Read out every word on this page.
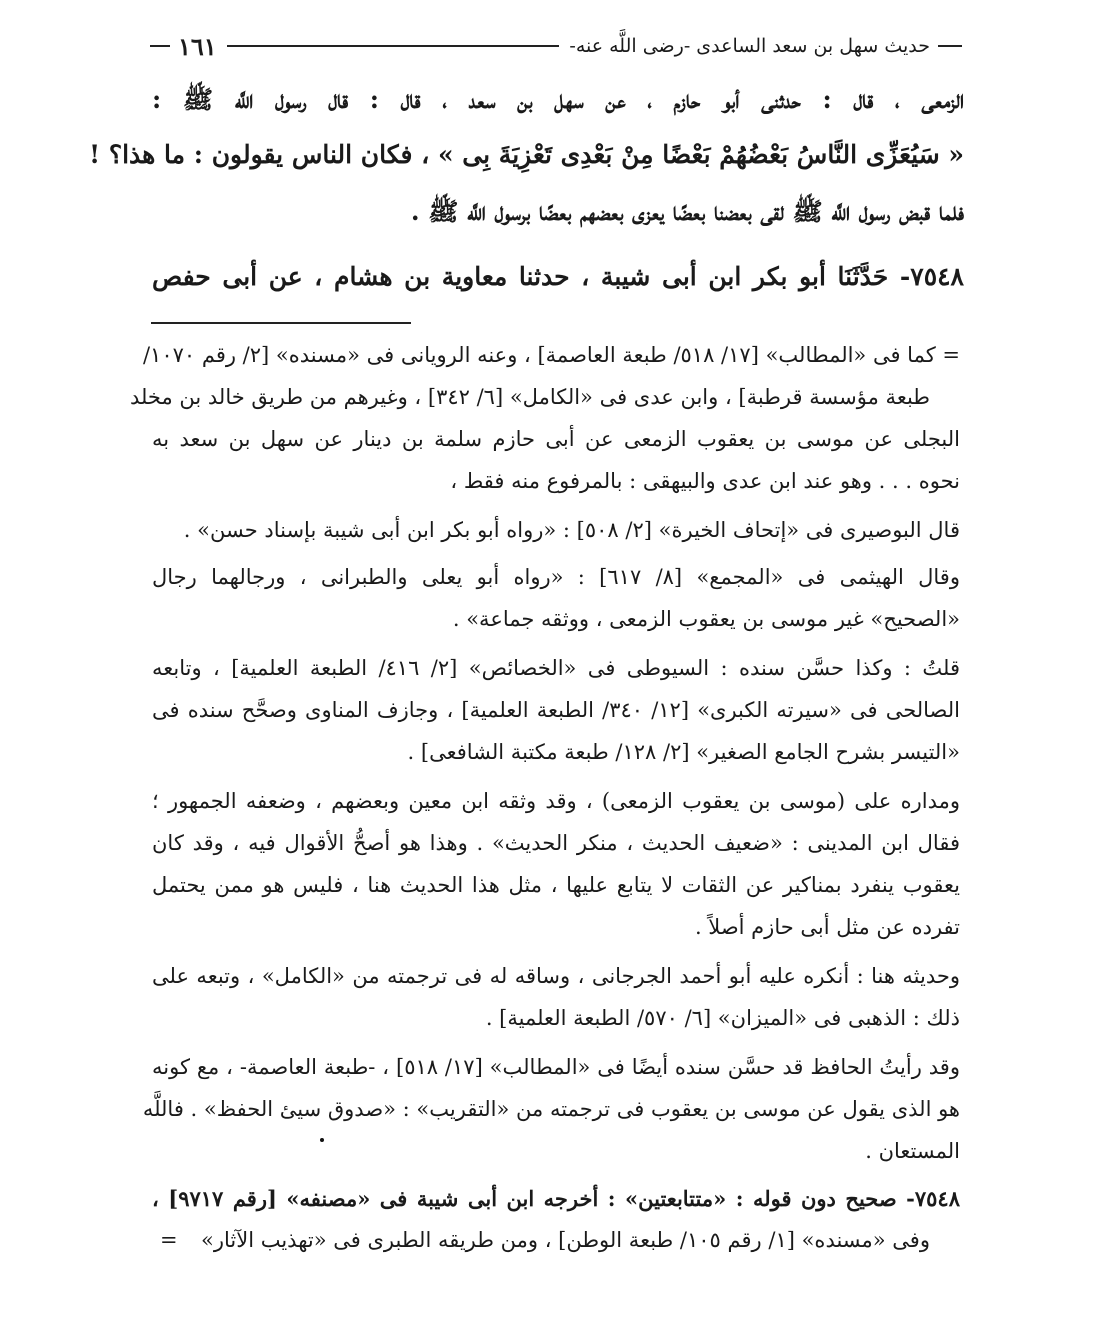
حديث سهل بن سعد الساعدى -رضى اللَّه عنه-
١٦١
الزمعى ، قال : حدثنى أبو حازم ، عن سهل بن سعد ، قال : قال رسول اللَّه ﷺ :
« سَيُعَزِّى النَّاسُ بَعْضُهُمْ بَعْضًا مِنْ بَعْدِى تَعْزِيَةَ بِى » ، فكان الناس يقولون : ما هذا؟ !
فلما قبض رسول اللَّه ﷺ لقى بعضنا بعضًا يعزى بعضهم بعضًا برسول اللَّه ﷺ .
٧٥٤٨- حَدَّثَنَا أبو بكر ابن أبى شيبة ، حدثنا معاوية بن هشام ، عن أبى حفص
= كما فى «المطالب» [١٧/ ٥١٨/ طبعة العاصمة] ، وعنه الرويانى فى «مسنده» [٢/ رقم ١٠٧٠/
طبعة مؤسسة قرطبة] ، وابن عدى فى «الكامل» [٦/ ٣٤٢] ، وغيرهم من طريق خالد بن مخلد
البجلى عن موسى بن يعقوب الزمعى عن أبى حازم سلمة بن دينار عن سهل بن سعد به
نحوه . . . وهو عند ابن عدى والبيهقى : بالمرفوع منه فقط ،
قال البوصيرى فى «إتحاف الخيرة» [٢/ ٥٠٨] : «رواه أبو بكر ابن أبى شيبة بإسناد حسن» .
وقال الهيثمى فى «المجمع» [٨/ ٦١٧] : «رواه أبو يعلى والطبرانى ، ورجالهما رجال
«الصحيح» غير موسى بن يعقوب الزمعى ، ووثقه جماعة» .
قلتُ : وكذا حسَّن سنده : السيوطى فى «الخصائص» [٢/ ٤١٦/ الطبعة العلمية] ، وتابعه
الصالحى فى «سيرته الكبرى» [١٢/ ٣٤٠/ الطبعة العلمية] ، وجازف المناوى وصحَّح سنده فى
«التيسر بشرح الجامع الصغير» [٢/ ١٢٨/ طبعة مكتبة الشافعى] .
ومداره على (موسى بن يعقوب الزمعى) ، وقد وثقه ابن معين وبعضهم ، وضعفه الجمهور ؛
فقال ابن المدينى : «ضعيف الحديث ، منكر الحديث» . وهذا هو أصحُّ الأقوال فيه ، وقد كان
يعقوب ينفرد بمناكير عن الثقات لا يتابع عليها ، مثل هذا الحديث هنا ، فليس هو ممن يحتمل
تفرده عن مثل أبى حازم أصلاً .
وحديثه هنا : أنكره عليه أبو أحمد الجرجانى ، وساقه له فى ترجمته من «الكامل» ، وتبعه على
ذلك : الذهبى فى «الميزان» [٦/ ٥٧٠/ الطبعة العلمية] .
وقد رأيتُ الحافظ قد حسَّن سنده أيضًا فى «المطالب» [١٧/ ٥١٨] ، -طبعة العاصمة- ، مع كونه
هو الذى يقول عن موسى بن يعقوب فى ترجمته من «التقريب» : «صدوق سيئ الحفظ» . فاللَّه
المستعان .
٧٥٤٨- صحيح دون قوله : «متتابعتين» : أخرجه ابن أبى شيبة فى «مصنفه» [رقم ٩٧١٧] ،
وفى «مسنده» [١/ رقم ١٠٥/ طبعة الوطن] ، ومن طريقه الطبرى فى «تهذيب الآثار»
=
